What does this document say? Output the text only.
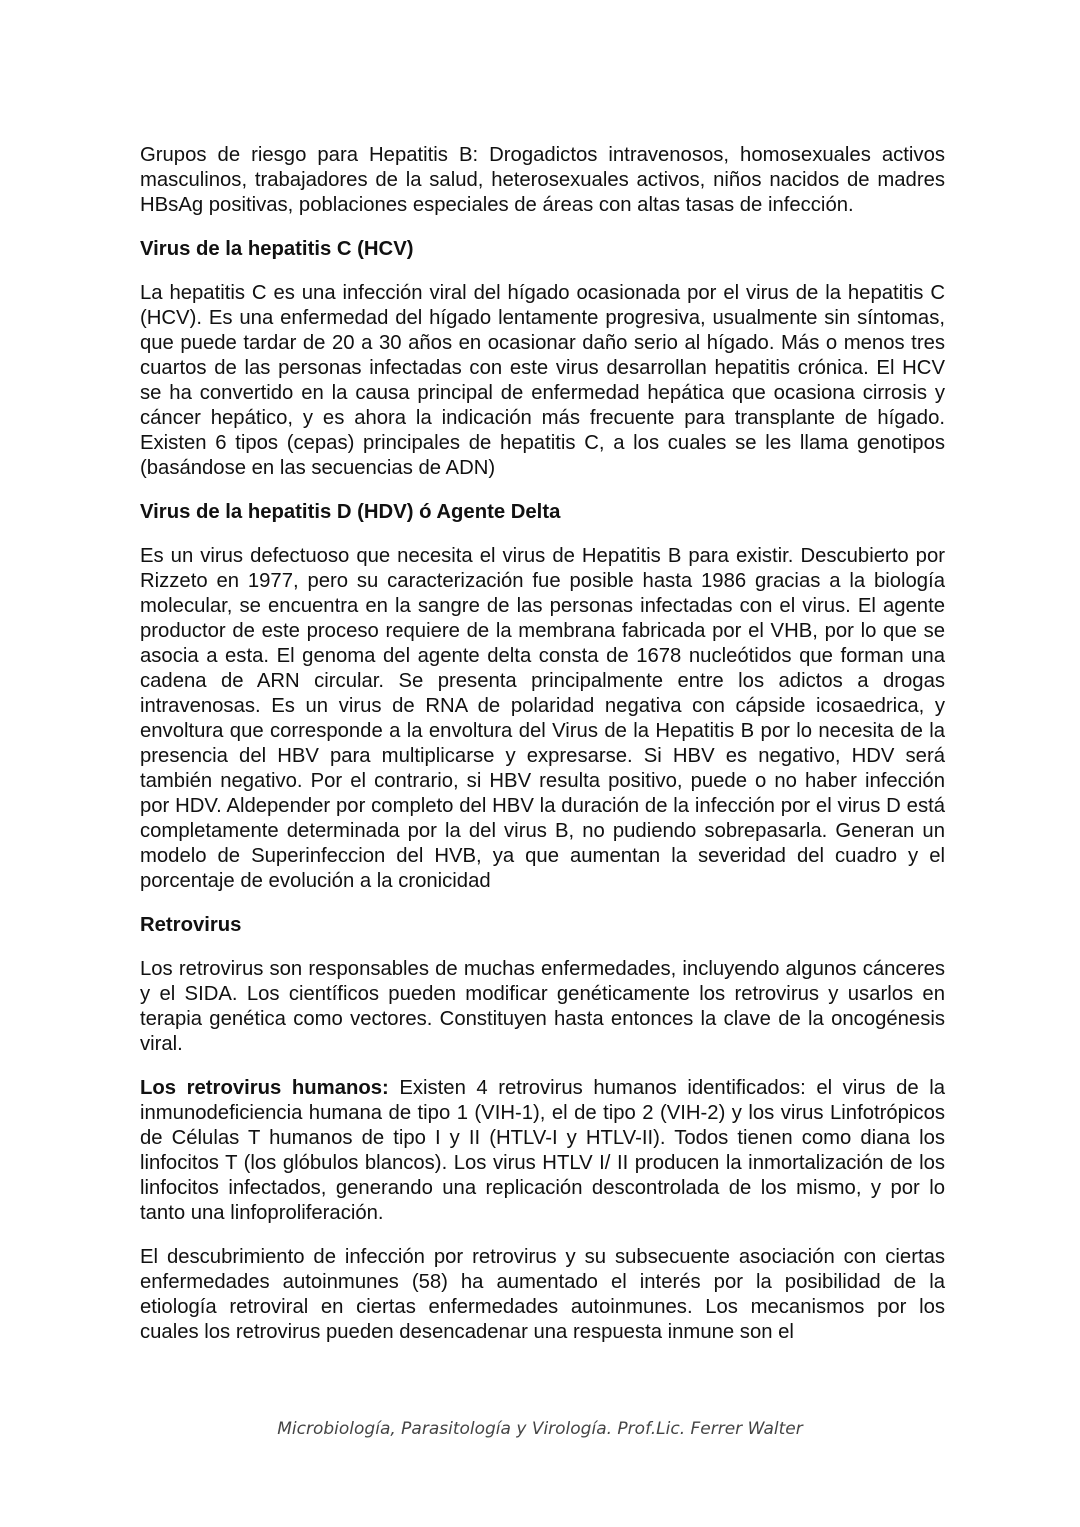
Grupos de riesgo para Hepatitis B: Drogadictos intravenosos, homosexuales activos masculinos, trabajadores de la salud, heterosexuales activos, niños nacidos de madres HBsAg positivas, poblaciones especiales de áreas con altas tasas de infección.

Virus de la hepatitis C (HCV)

La hepatitis C es una infección viral del hígado ocasionada por el virus de la hepatitis C (HCV). Es una enfermedad del hígado lentamente progresiva, usualmente sin síntomas, que puede tardar de 20 a 30 años en ocasionar daño serio al hígado. Más o menos tres cuartos de las personas infectadas con este virus desarrollan hepatitis crónica. El HCV se ha convertido en la causa principal de enfermedad hepática que ocasiona cirrosis y cáncer hepático, y es ahora la indicación más frecuente para transplante de hígado. Existen 6 tipos (cepas) principales de hepatitis C, a los cuales se les llama genotipos (basándose en las secuencias de ADN)

Virus de la hepatitis D (HDV) ó Agente Delta

Es un virus defectuoso que necesita el virus de Hepatitis B para existir. Descubierto por Rizzeto en 1977, pero su caracterización fue posible hasta 1986 gracias a la biología molecular, se encuentra en la sangre de las personas infectadas con el virus. El agente productor de este proceso requiere de la membrana fabricada por el VHB, por lo que se asocia a esta. El genoma del agente delta consta de 1678 nucleótidos que forman una cadena de ARN circular. Se presenta principalmente entre los adictos a drogas intravenosas. Es un virus de RNA de polaridad negativa con cápside icosaedrica, y envoltura que corresponde a la envoltura del Virus de la Hepatitis B por lo necesita de la presencia del HBV para multiplicarse y expresarse. Si HBV es negativo, HDV será también negativo. Por el contrario, si HBV resulta positivo, puede o no haber infección por HDV. Aldepender por completo del HBV la duración de la infección por el virus D está completamente determinada por la del virus B, no pudiendo sobrepasarla. Generan un modelo de Superinfeccion del HVB, ya que aumentan la severidad del cuadro y el porcentaje de evolución a la cronicidad

Retrovirus

Los retrovirus son responsables de muchas enfermedades, incluyendo algunos cánceres y el SIDA. Los científicos pueden modificar genéticamente los retrovirus y usarlos en terapia genética como vectores. Constituyen hasta entonces la clave de la oncogénesis viral.

Los retrovirus humanos: Existen 4 retrovirus humanos identificados: el virus de la inmunodeficiencia humana de tipo 1 (VIH-1), el de tipo 2 (VIH-2) y los virus Linfotrópicos de Células T humanos de tipo I y II (HTLV-I y HTLV-II). Todos tienen como diana los linfocitos T (los glóbulos blancos). Los virus HTLV I/ II producen la inmortalización de los linfocitos infectados, generando una replicación descontrolada de los mismo, y por lo tanto una linfoproliferación.

El descubrimiento de infección por retrovirus y su subsecuente asociación con ciertas enfermedades autoinmunes (58) ha aumentado el interés por la posibilidad de la etiología retroviral en ciertas enfermedades autoinmunes. Los mecanismos por los cuales los retrovirus pueden desencadenar una respuesta inmune son el

Microbiología, Parasitología y Virología. Prof.Lic. Ferrer Walter
